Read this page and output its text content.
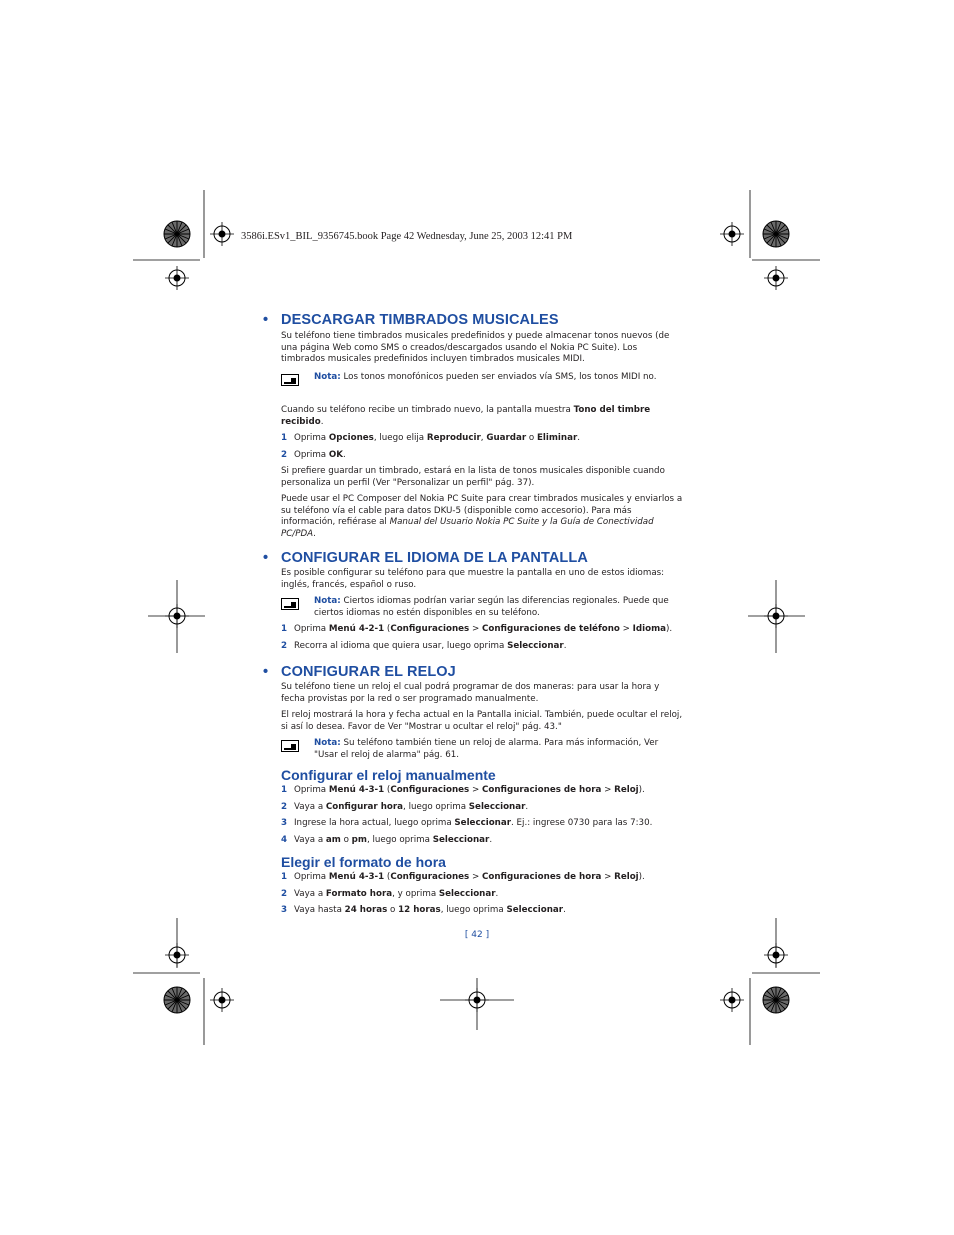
3586i.ESv1_BIL_9356745.book Page 42 Wednesday, June 25, 2003 12:41 PM
• DESCARGAR TIMBRADOS MUSICALES

Su teléfono tiene timbrados musicales predefinidos y puede almacenar tonos nuevos (de una página Web como SMS o creados/descargados usando el Nokia PC Suite). Los timbrados musicales predefinidos incluyen timbrados musicales MIDI.

Nota: Los tonos monofónicos pueden ser enviados vía SMS, los tonos MIDI no.

Cuando su teléfono recibe un timbrado nuevo, la pantalla muestra Tono del timbre recibido.

1 Oprima Opciones, luego elija Reproducir, Guardar o Eliminar.
2 Oprima OK.

Si prefiere guardar un timbrado, estará en la lista de tonos musicales disponible cuando personaliza un perfil (Ver "Personalizar un perfil" pág. 37).

Puede usar el PC Composer del Nokia PC Suite para crear timbrados musicales y enviarlos a su teléfono vía el cable para datos DKU-5 (disponible como accesorio). Para más información, refiérase al Manual del Usuario Nokia PC Suite y la Guía de Conectividad PC/PDA.

• CONFIGURAR EL IDIOMA DE LA PANTALLA

Es posible configurar su teléfono para que muestre la pantalla en uno de estos idiomas: inglés, francés, español o ruso.

Nota: Ciertos idiomas podrían variar según las diferencias regionales. Puede que ciertos idiomas no estén disponibles en su teléfono.
1 Oprima Menú 4-2-1 (Configuraciones > Configuraciones de teléfono > Idioma).
2 Recorra al idioma que quiera usar, luego oprima Seleccionar.
• CONFIGURAR EL RELOJ

Su teléfono tiene un reloj el cual podrá programar de dos maneras: para usar la hora y fecha provistas por la red o ser programado manualmente.

El reloj mostrará la hora y fecha actual en la Pantalla inicial. También, puede ocultar el reloj, si así lo desea. Favor de Ver "Mostrar u ocultar el reloj" pág. 43."

Nota: Su teléfono también tiene un reloj de alarma. Para más información, Ver "Usar el reloj de alarma" pág. 61.
Configurar el reloj manualmente
1 Oprima Menú 4-3-1 (Configuraciones > Configuraciones de hora > Reloj).
2 Vaya a Configurar hora, luego oprima Seleccionar.
3 Ingrese la hora actual, luego oprima Seleccionar. Ej.: ingrese 0730 para las 7:30.
4 Vaya a am o pm, luego oprima Seleccionar.
Elegir el formato de hora
1 Oprima Menú 4-3-1 (Configuraciones > Configuraciones de hora > Reloj).
2 Vaya a Formato hora, y oprima Seleccionar.
3 Vaya hasta 24 horas o 12 horas, luego oprima Seleccionar.
[ 42 ]
